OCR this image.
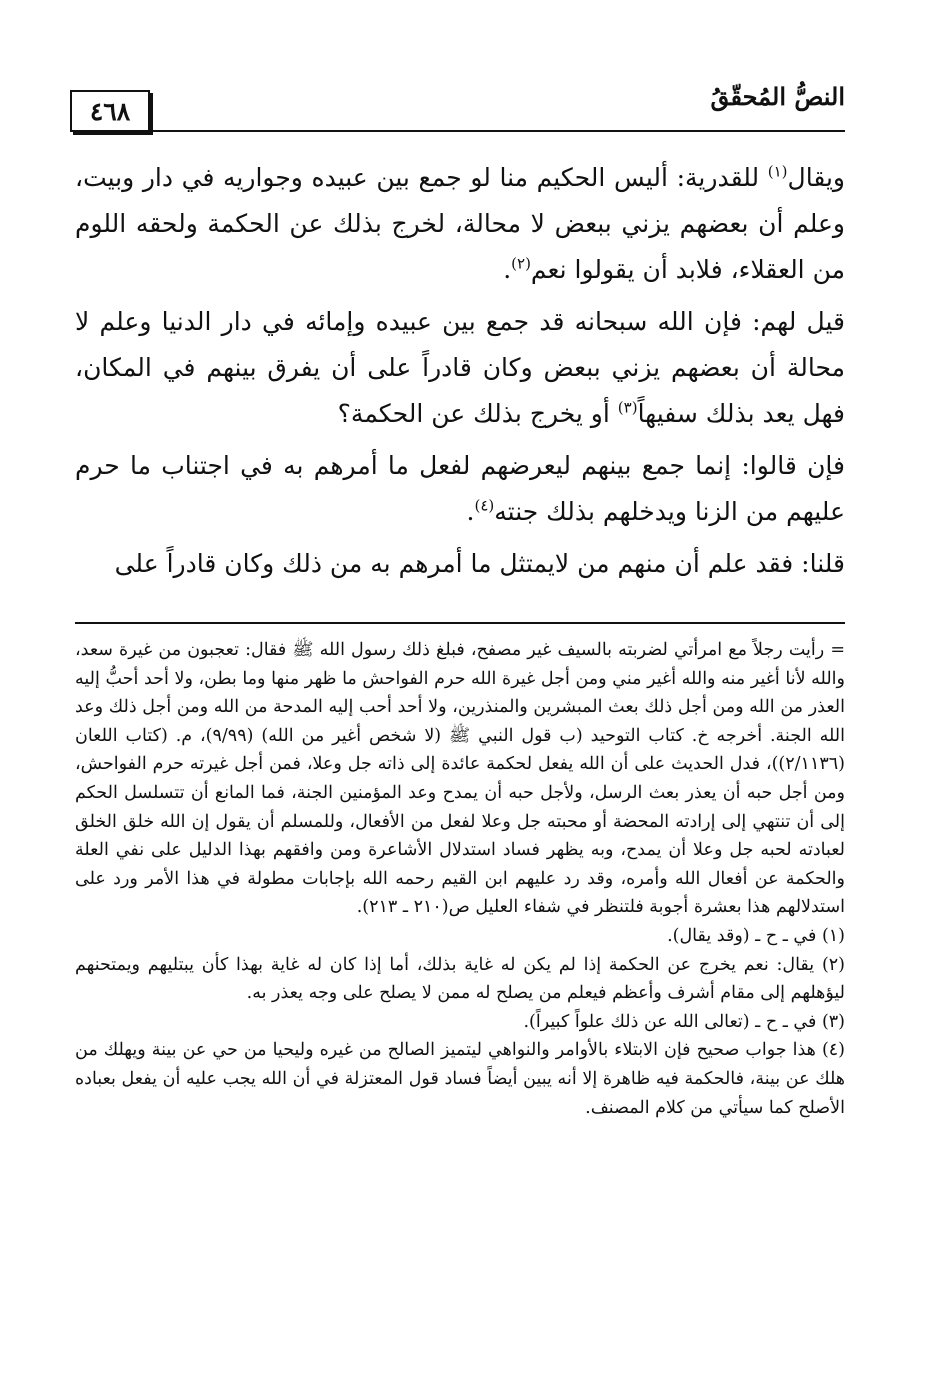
النصُّ المُحقّقُ
٤٦٨

ويقال$^{(١)}$ للقدرية: أليس الحكيم منا لو جمع بين عبيده وجواريه في دار وبيت، وعلم أن بعضهم يزني ببعض لا محالة، لخرج بذلك عن الحكمة ولحقه اللوم من العقلاء، فلابد أن يقولوا نعم$^{(٢)}$.

قيل لهم: فإن الله سبحانه قد جمع بين عبيده وإمائه في دار الدنيا وعلم لا محالة أن بعضهم يزني ببعض وكان قادراً على أن يفرق بينهم في المكان، فهل يعد بذلك سفيهاً$^{(٣)}$ أو يخرج بذلك عن الحكمة؟

فإن قالوا: إنما جمع بينهم ليعرضهم لفعل ما أمرهم به في اجتناب ما حرم عليهم من الزنا ويدخلهم بذلك جنته$^{(٤)}$.

قلنا: فقد علم أن منهم من لايمتثل ما أمرهم به من ذلك وكان قادراً على

= رأيت رجلاً مع امرأتي لضربته بالسيف غير مصفح، فبلغ ذلك رسول الله ﷺ فقال: تعجبون من غيرة سعد، والله لأنا أغير منه والله أغير مني ومن أجل غيرة الله حرم الفواحش ما ظهر منها وما بطن، ولا أحد أحبُّ إليه العذر من الله ومن أجل ذلك بعث المبشرين والمنذرين، ولا أحد أحب إليه المدحة من الله ومن أجل ذلك وعد الله الجنة. أخرجه خ. كتاب التوحيد (ب قول النبي ﷺ (لا شخص أغير من الله) (٩/٩٩)، م. (كتاب اللعان (٢/١١٣٦))، فدل الحديث على أن الله يفعل لحكمة عائدة إلى ذاته جل وعلا، فمن أجل غيرته حرم الفواحش، ومن أجل حبه أن يعذر بعث الرسل، ولأجل حبه أن يمدح وعد المؤمنين الجنة، فما المانع أن تتسلسل الحكم إلى أن تنتهي إلى إرادته المحضة أو محبته جل وعلا لفعل من الأفعال، وللمسلم أن يقول إن الله خلق الخلق لعبادته لحبه جل وعلا أن يمدح، وبه يظهر فساد استدلال الأشاعرة ومن وافقهم بهذا الدليل على نفي العلة والحكمة عن أفعال الله وأمره، وقد رد عليهم ابن القيم رحمه الله بإجابات مطولة في هذا الأمر ورد على استدلالهم هذا بعشرة أجوبة فلتنظر في شفاء العليل ص(٢١٠ ـ ٢١٣).

(١) في ـ ح ـ (وقد يقال).

(٢) يقال: نعم يخرج عن الحكمة إذا لم يكن له غاية بذلك، أما إذا كان له غاية بهذا كأن يبتليهم ويمتحنهم ليؤهلهم إلى مقام أشرف وأعظم فيعلم من يصلح له ممن لا يصلح على وجه يعذر به.

(٣) في ـ ح ـ (تعالى الله عن ذلك علواً كبيراً).

(٤) هذا جواب صحيح فإن الابتلاء بالأوامر والنواهي ليتميز الصالح من غيره وليحيا من حي عن بينة ويهلك من هلك عن بينة، فالحكمة فيه ظاهرة إلا أنه يبين أيضاً فساد قول المعتزلة في أن الله يجب عليه أن يفعل بعباده الأصلح كما سيأتي من كلام المصنف.
